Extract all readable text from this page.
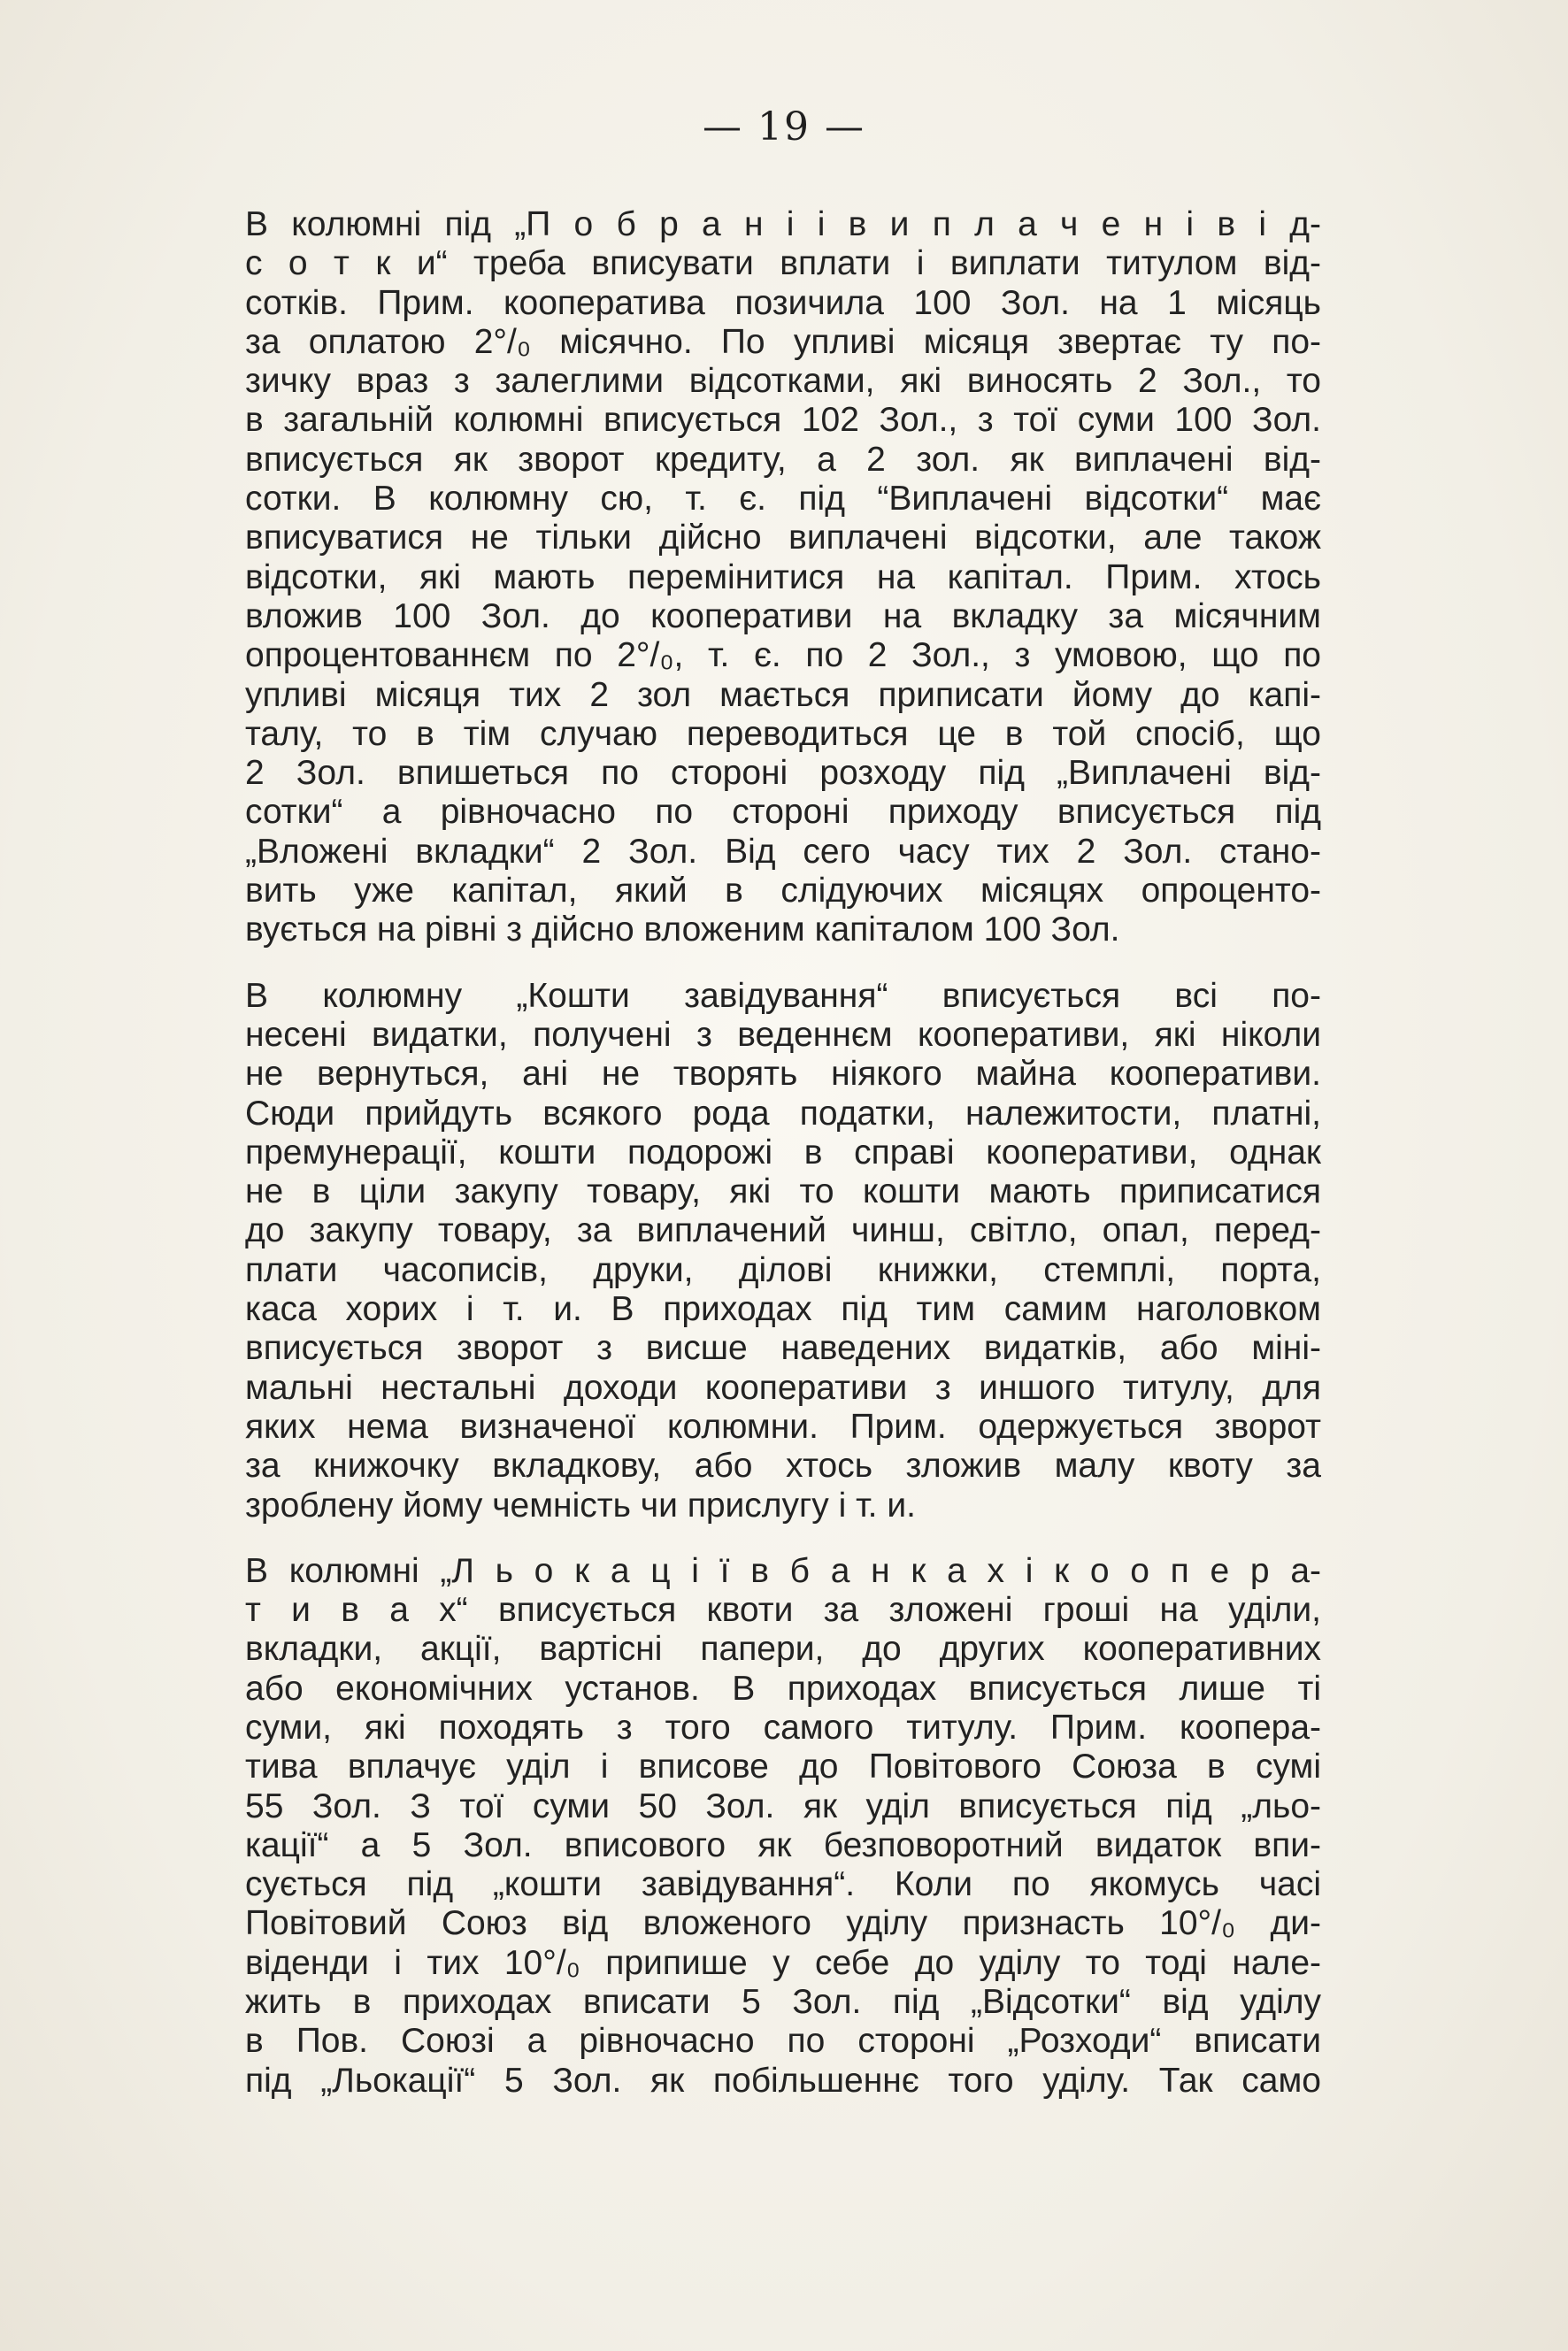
— 19 —
В колюмні під „П о б р а н і і в и п л а ч е н і в і д-
с о т к и“ треба вписувати вплати і виплати титулом від-
сотків. Прим. кооператива позичила 100 Зол. на 1 місяць
за оплатою 2°/₀ місячно. По упливі місяця звертає ту по-
зичку враз з залеглими відсотками, які виносять 2 Зол., то
в загальній колюмні вписується 102 Зол., з тої суми 100 Зол.
вписується як зворот кредиту, а 2 зол. як виплачені від-
сотки. В колюмну сю, т. є. під “Виплачені відсотки“ має
вписуватися не тільки дійсно виплачені відсотки, але також
відсотки, які мають перемінитися на капітал. Прим. хтось
вложив 100 Зол. до кооперативи на вкладку за місячним
опроцентованнєм по 2°/₀, т. є. по 2 Зол., з умовою, що по
упливі місяця тих 2 зол мається приписати йому до капі-
талу, то в тім случаю переводиться це в той спосіб, що
2 Зол. впишеться по стороні розходу під „Виплачені від-
сотки“ а рівночасно по стороні приходу вписується під
„Вложені вкладки“ 2 Зол. Від сего часу тих 2 Зол. стано-
вить уже капітал, який в слідуючих місяцях опроценто-
вується на рівні з дійсно вложеним капіталом 100 Зол.
В колюмну „Кошти завідування“ вписується всі по-
несені видатки, получені з веденнєм кооперативи, які ніколи
не вернуться, ані не творять ніякого майна кооперативи.
Сюди прийдуть всякого рода податки, належитости, платні,
премунерації, кошти подорожі в справі кооперативи, однак
не в ціли закупу товару, які то кошти мають приписатися
до закупу товару, за виплачений чинш, світло, опал, перед-
плати часописів, друки, ділові книжки, стемплі, порта,
каса хорих і т. и. В приходах під тим самим наголовком
вписується зворот з висше наведених видатків, або міні-
мальні нестальні доходи кооперативи з иншого титулу, для
яких нема визначеної колюмни. Прим. одержується зворот
за книжочку вкладкову, або хтось зложив малу квоту за
зроблену йому чемність чи прислугу і т. и.
В колюмні „Л ь о к а ц і ї в б а н к а х і к о о п е р а-
т и в а х“ вписується квоти за зложені гроші на уділи,
вкладки, акції, вартісні папери, до других кооперативних
або економічних установ. В приходах вписується лише ті
суми, які походять з того самого титулу. Прим. коопера-
тива вплачує уділ і вписове до Повітового Союза в сумі
55 Зол. З тої суми 50 Зол. як уділ вписується під „льо-
кації“ а 5 Зол. вписового як безповоротний видаток впи-
сується під „кошти завідування“. Коли по якомусь часі
Повітовий Союз від вложеного уділу признасть 10°/₀ ди-
віденди і тих 10°/₀ припише у себе до уділу то тоді нале-
жить в приходах вписати 5 Зол. під „Відсотки“ від уділу
в Пов. Союзі а рівночасно по стороні „Розходи“ вписати
під „Льокації“ 5 Зол. як побільшеннє того уділу. Так само
